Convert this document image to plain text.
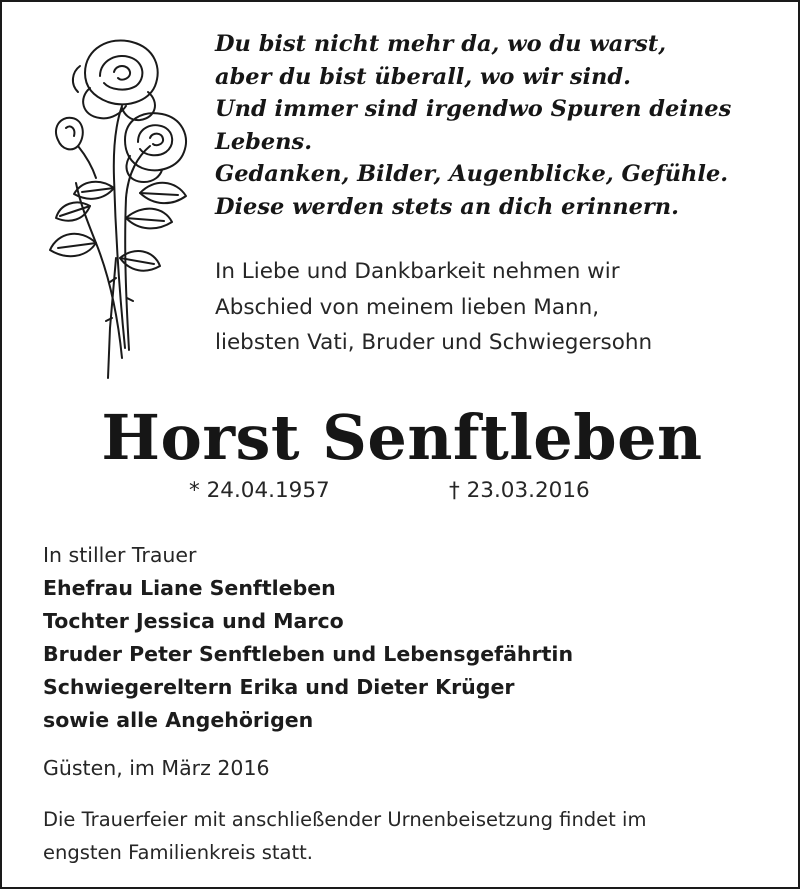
Du bist nicht mehr da, wo du warst,
aber du bist überall, wo wir sind.
Und immer sind irgendwo Spuren deines
Lebens.
Gedanken, Bilder, Augenblicke, Gefühle.
Diese werden stets an dich erinnern.
In Liebe und Dankbarkeit nehmen wir
Abschied von meinem lieben Mann,
liebsten Vati, Bruder und Schwiegersohn
Horst Senftleben
* 24.04.1957	† 23.03.2016
In stiller Trauer
Ehefrau Liane Senftleben
Tochter Jessica und Marco
Bruder Peter Senftleben und Lebensgefährtin
Schwiegereltern Erika und Dieter Krüger
sowie alle Angehörigen
Güsten, im März 2016
Die Trauerfeier mit anschließender Urnenbeisetzung findet im
engsten Familienkreis statt.
